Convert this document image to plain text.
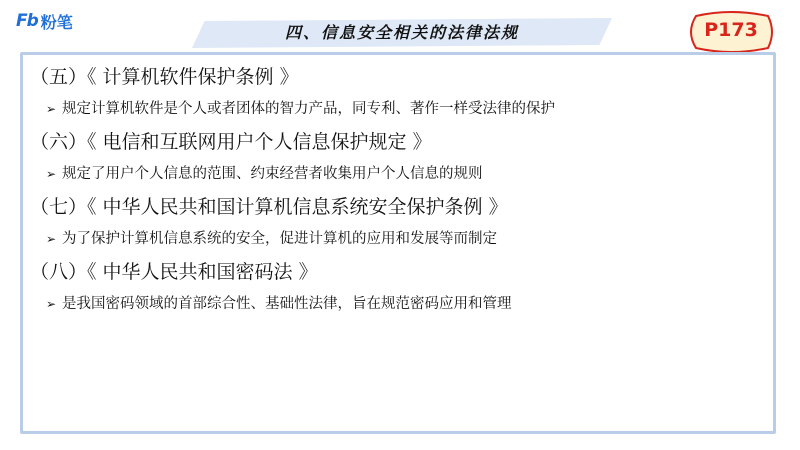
Fb 粉笔
四、信息安全相关的法律法规	P173
（五）《 计算机软件保护条例 》
➢ 规定计算机软件是个人或者团体的智力产品，同专利、著作一样受法律的保护
（六）《 电信和互联网用户个人信息保护规定 》
➢ 规定了用户个人信息的范围、约束经营者收集用户个人信息的规则
（七）《 中华人民共和国计算机信息系统安全保护条例 》
➢ 为了保护计算机信息系统的安全，促进计算机的应用和发展等而制定
（八）《 中华人民共和国密码法 》
➢ 是我国密码领域的首部综合性、基础性法律，旨在规范密码应用和管理
